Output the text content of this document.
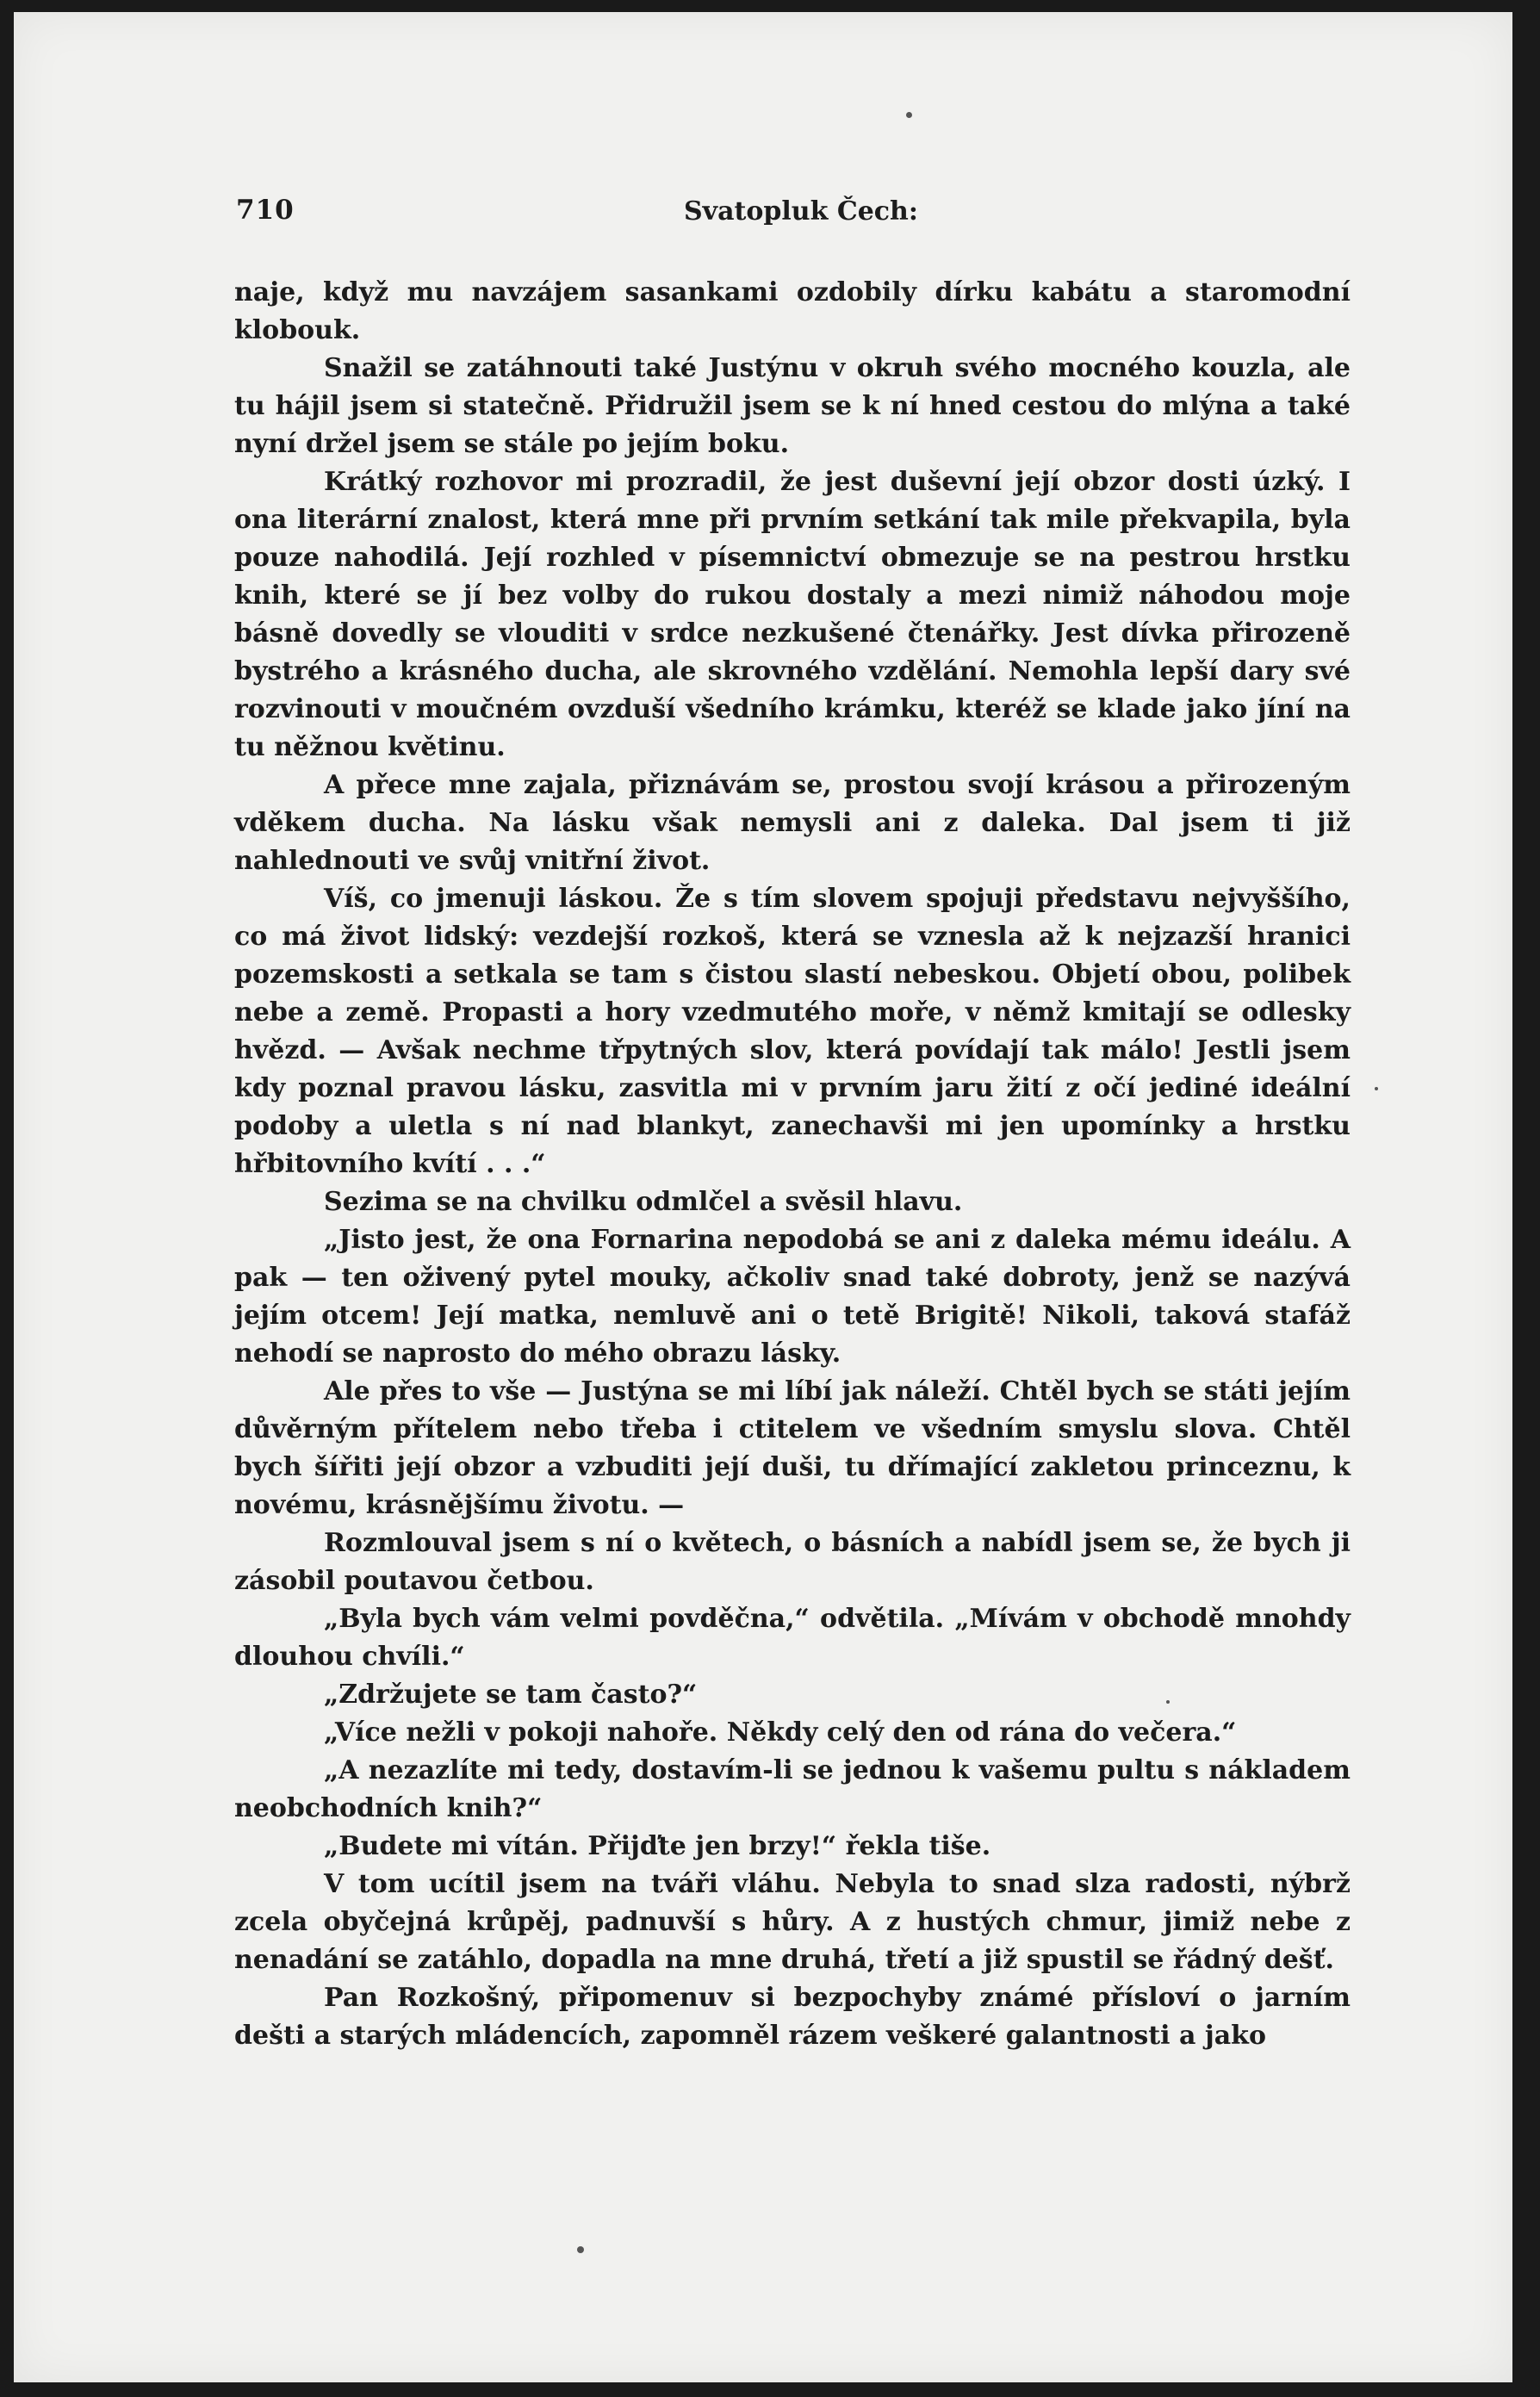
710	Svatopluk Čech:

naje, když mu navzájem sasankami ozdobily dírku kabátu a staromodní klobouk.

Snažil se zatáhnouti také Justýnu v okruh svého mocného kouzla, ale tu hájil jsem si statečně. Přidružil jsem se k ní hned cestou do mlýna a také nyní držel jsem se stále po jejím boku.

Krátký rozhovor mi prozradil, že jest duševní její obzor dosti úzký. I ona literární znalost, která mne při prvním setkání tak mile překvapila, byla pouze nahodilá. Její rozhled v písemnictví obmezuje se na pestrou hrstku knih, které se jí bez volby do rukou dostaly a mezi nimiž náhodou moje básně dovedly se vlouditi v srdce nezkušené čtenářky. Jest dívka přirozeně bystrého a krásného ducha, ale skrovného vzdělání. Nemohla lepší dary své rozvinouti v moučném ovzduší všedního krámku, kteréž se klade jako jíní na tu něžnou květinu.

A přece mne zajala, přiznávám se, prostou svojí krásou a přirozeným vděkem ducha. Na lásku však nemysli ani z daleka. Dal jsem ti již nahlednouti ve svůj vnitřní život.

Víš, co jmenuji láskou. Že s tím slovem spojuji představu nejvyššího, co má život lidský: vezdejší rozkoš, která se vznesla až k nejzazší hranici pozemskosti a setkala se tam s čistou slastí nebeskou. Objetí obou, polibek nebe a země. Propasti a hory vzedmutého moře, v němž kmitají se odlesky hvězd. — Avšak nechme třpytných slov, která povídají tak málo! Jestli jsem kdy poznal pravou lásku, zasvitla mi v prvním jaru žití z očí jediné ideální podoby a uletla s ní nad blankyt, zanechavši mi jen upomínky a hrstku hřbitovního kvítí . . .“

Sezima se na chvilku odmlčel a svěsil hlavu.

„Jisto jest, že ona Fornarina nepodobá se ani z daleka mému ideálu. A pak — ten oživený pytel mouky, ačkoliv snad také dobroty, jenž se nazývá jejím otcem! Její matka, nemluvě ani o tetě Brigitě! Nikoli, taková stafáž nehodí se naprosto do mého obrazu lásky.

Ale přes to vše — Justýna se mi líbí jak náleží. Chtěl bych se státi jejím důvěrným přítelem nebo třeba i ctitelem ve všedním smyslu slova. Chtěl bych šířiti její obzor a vzbuditi její duši, tu dřímající zakletou princeznu, k novému, krásnějšímu životu. —

Rozmlouval jsem s ní o květech, o básních a nabídl jsem se, že bych ji zásobil poutavou četbou.

„Byla bych vám velmi povděčna,“ odvětila. „Mívám v obchodě mnohdy dlouhou chvíli.“

„Zdržujete se tam často?“

„Více nežli v pokoji nahoře. Někdy celý den od rána do večera.“

„A nezazlíte mi tedy, dostavím-li se jednou k vašemu pultu s nákladem neobchodních knih?“

„Budete mi vítán. Přijďte jen brzy!“ řekla tiše.

V tom ucítil jsem na tváři vláhu. Nebyla to snad slza radosti, nýbrž zcela obyčejná krůpěj, padnuvší s hůry. A z hustých chmur, jimiž nebe z nenadání se zatáhlo, dopadla na mne druhá, třetí a již spustil se řádný dešť.

Pan Rozkošný, připomenuv si bezpochyby známé přísloví o jarním dešti a starých mládencích, zapomněl rázem veškeré galantnosti a jako
